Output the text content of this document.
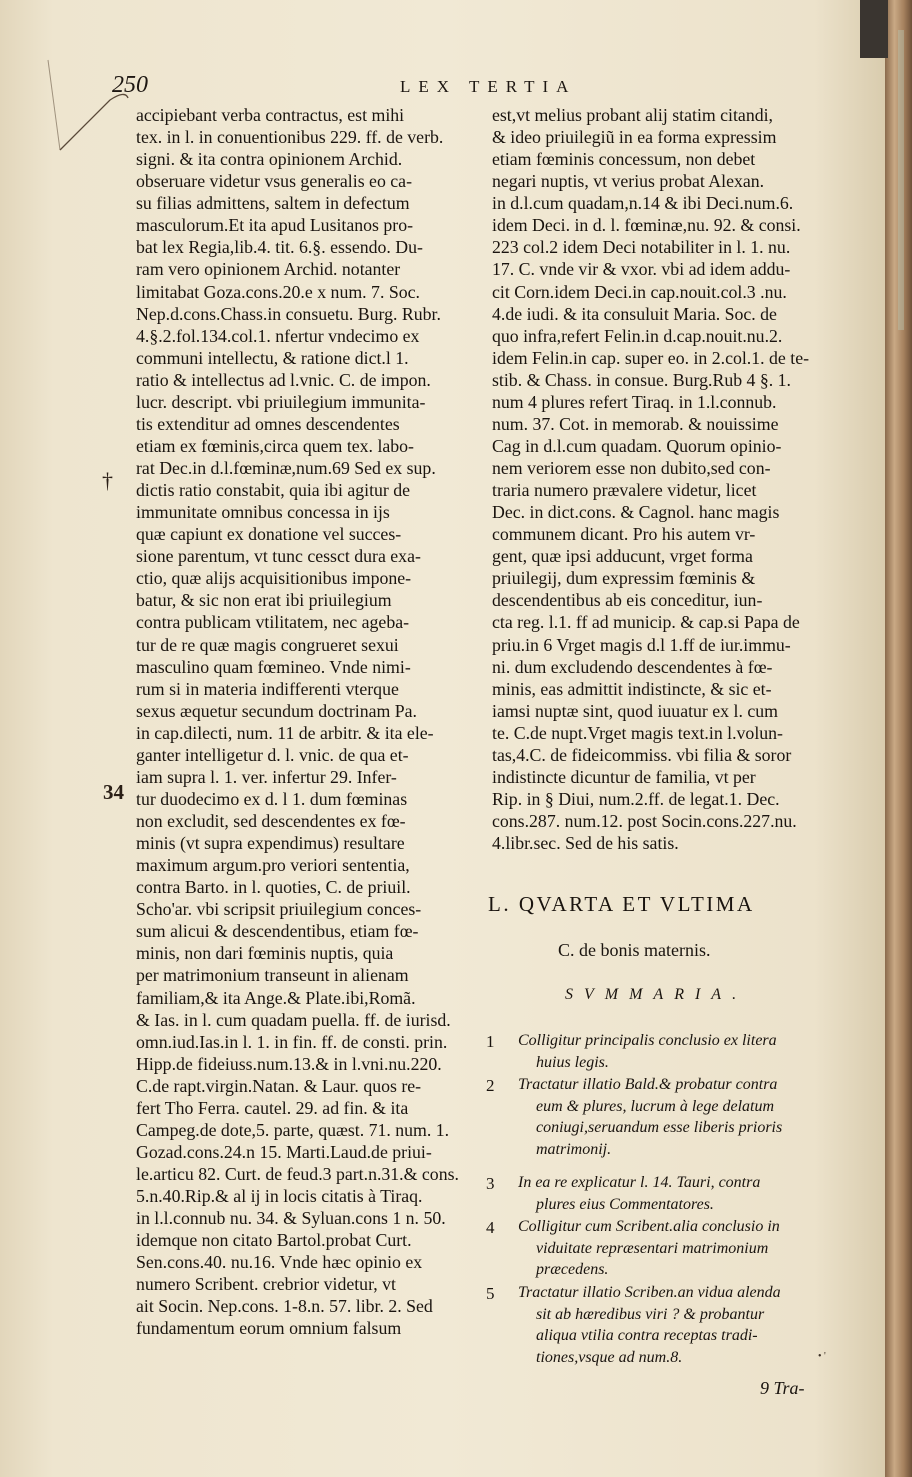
250	LEX TERTIA
†
34
accipiebant verba contractus, est mihi
tex. in l. in conuentionibus 229. ff. de verb.
signi. & ita contra opinionem Archid.
obseruare videtur vsus generalis eo ca-
su filias admittens, saltem in defectum
masculorum.Et ita apud Lusitanos pro-
bat lex Regia,lib.4. tit. 6.§. essendo. Du-
ram vero opinionem Archid. notanter
limitabat Goza.cons.20.e x num. 7. Soc.
Nep.d.cons.Chass.in consuetu. Burg. Rubr.
4.§.2.fol.134.col.1. nfertur vndecimo ex
communi intellectu, & ratione dict.l 1.
ratio & intellectus ad l.vnic. C. de impon.
lucr. descript. vbi priuilegium immunita-
tis extenditur ad omnes descendentes
etiam ex fœminis,circa quem tex. labo-
rat Dec.in d.l.fœminæ,num.69 Sed ex sup.
dictis ratio constabit, quia ibi agitur de
immunitate omnibus concessa in ijs
quæ capiunt ex donatione vel succes-
sione parentum, vt tunc cessct dura exa-
ctio, quæ alijs acquisitionibus impone-
batur, & sic non erat ibi priuilegium
contra publicam vtilitatem, nec ageba-
tur de re quæ magis congrueret sexui
masculino quam fœmineo. Vnde nimi-
rum si in materia indifferenti vterque
sexus æquetur secundum doctrinam Pa.
in cap.dilecti, num. 11 de arbitr. & ita ele-
ganter intelligetur d. l. vnic. de qua et-
iam supra l. 1. ver. infertur 29. Infer-
tur duodecimo ex d. l 1. dum fœminas
non excludit, sed descendentes ex fœ-
minis (vt supra expendimus) resultare
maximum argum.pro veriori sententia,
contra Barto. in l. quoties, C. de priuil.
Scho'ar. vbi scripsit priuilegium conces-
sum alicui & descendentibus, etiam fœ-
minis, non dari fœminis nuptis, quia
per matrimonium transeunt in alienam
familiam,& ita Ange.& Plate.ibi,Romã.
& Ias. in l. cum quadam puella. ff. de iurisd.
omn.iud.Ias.in l. 1. in fin. ff. de consti. prin.
Hipp.de fideiuss.num.13.& in l.vni.nu.220.
C.de rapt.virgin.Natan. & Laur. quos re-
fert Tho Ferra. cautel. 29. ad fin. & ita
Campeg.de dote,5. parte, quæst. 71. num. 1.
Gozad.cons.24.n 15. Marti.Laud.de priui-
le.articu 82. Curt. de feud.3 part.n.31.& cons.
5.n.40.Rip.& al ij in locis citatis à Tiraq.
in l.l.connub nu. 34. & Syluan.cons 1 n. 50.
idemque non citato Bartol.probat Curt.
Sen.cons.40. nu.16. Vnde hæc opinio ex
numero Scribent. crebrior videtur, vt
ait Socin. Nep.cons. 1-8.n. 57. libr. 2. Sed
fundamentum eorum omnium falsum
est,vt melius probant alij statim citandi,
& ideo priuilegiũ in ea forma expressim
etiam fœminis concessum, non debet
negari nuptis, vt verius probat Alexan.
in d.l.cum quadam,n.14 & ibi Deci.num.6.
idem Deci. in d. l. fœminæ,nu. 92. & consi.
223 col.2 idem Deci notabiliter in l. 1. nu.
17. C. vnde vir & vxor. vbi ad idem addu-
cit Corn.idem Deci.in cap.nouit.col.3 .nu.
4.de iudi. & ita consuluit Maria. Soc. de
quo infra,refert Felin.in d.cap.nouit.nu.2.
idem Felin.in cap. super eo. in 2.col.1. de te-
stib. & Chass. in consue. Burg.Rub 4 §. 1.
num 4 plures refert Tiraq. in 1.l.connub.
num. 37. Cot. in memorab. & nouissime
Cag in d.l.cum quadam. Quorum opinio-
nem veriorem esse non dubito,sed con-
traria numero prævalere videtur, licet
Dec. in dict.cons. & Cagnol. hanc magis
communem dicant. Pro his autem vr-
gent, quæ ipsi adducunt, vrget forma
priuilegij, dum expressim fœminis &
descendentibus ab eis conceditur, iun-
cta reg. l.1. ff ad municip. & cap.si Papa de
priu.in 6 Vrget magis d.l 1.ff de iur.immu-
ni. dum excludendo descendentes à fœ-
minis, eas admittit indistincte, & sic et-
iamsi nuptæ sint, quod iuuatur ex l. cum
te. C.de nupt.Vrget magis text.in l.volun-
tas,4.C. de fideicommiss. vbi filia & soror
indistincte dicuntur de familia, vt per
Rip. in § Diui, num.2.ff. de legat.1. Dec.
cons.287. num.12. post Socin.cons.227.nu.
4.libr.sec. Sed de his satis.
L. QVARTA ET VLTIMA
C. de bonis maternis.
SVMMARIA.
1 Colligitur principalis conclusio ex litera
huius legis.
2 Tractatur illatio Bald.& probatur contra
eum & plures, lucrum à lege delatum
coniugi,seruandum esse liberis prioris
matrimonij.
3 In ea re explicatur l. 14. Tauri, contra
plures eius Commentatores.
4 Colligitur cum Scribent.alia conclusio in
viduitate repræsentari matrimonium
præcedens.
5 Tractatur illatio Scriben.an vidua alenda
sit ab hæredibus viri ? & probantur
aliqua vtilia contra receptas tradi-
tiones,vsque ad num.8.	• '
9 Tra-
